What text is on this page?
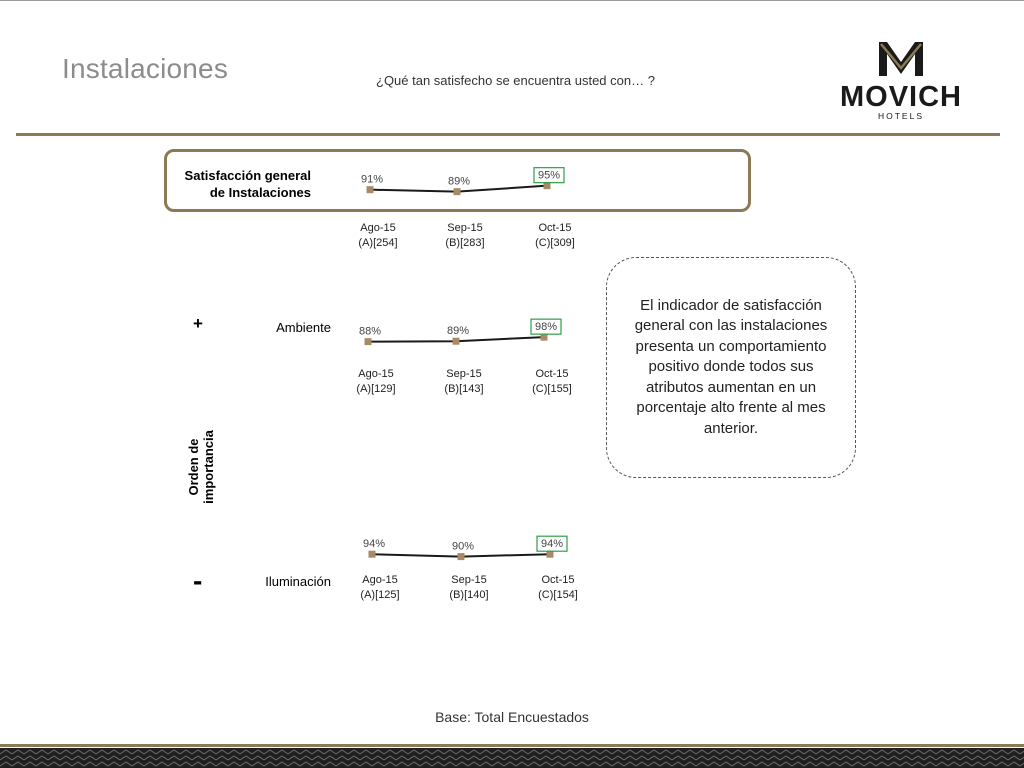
Instalaciones	¿Qué tan satisfecho se encuentra usted con… ?
MOVICH
HOTELS
Satisfacción general
de Instalaciones
Ambiente
Iluminación
+
-
Orden de importancia
91%
Ago-15
(A)[254]
89%
Sep-15
(B)[283]
95%
Oct-15
(C)[309]
88%
Ago-15
(A)[129]
89%
Sep-15
(B)[143]
98%
Oct-15
(C)[155]
94%
Ago-15
(A)[125]
90%
Sep-15
(B)[140]
94%
Oct-15
(C)[154]
El indicador de satisfacción general con las instalaciones presenta un comportamiento positivo donde todos sus atributos aumentan en un porcentaje alto frente al mes anterior.
Base: Total Encuestados
